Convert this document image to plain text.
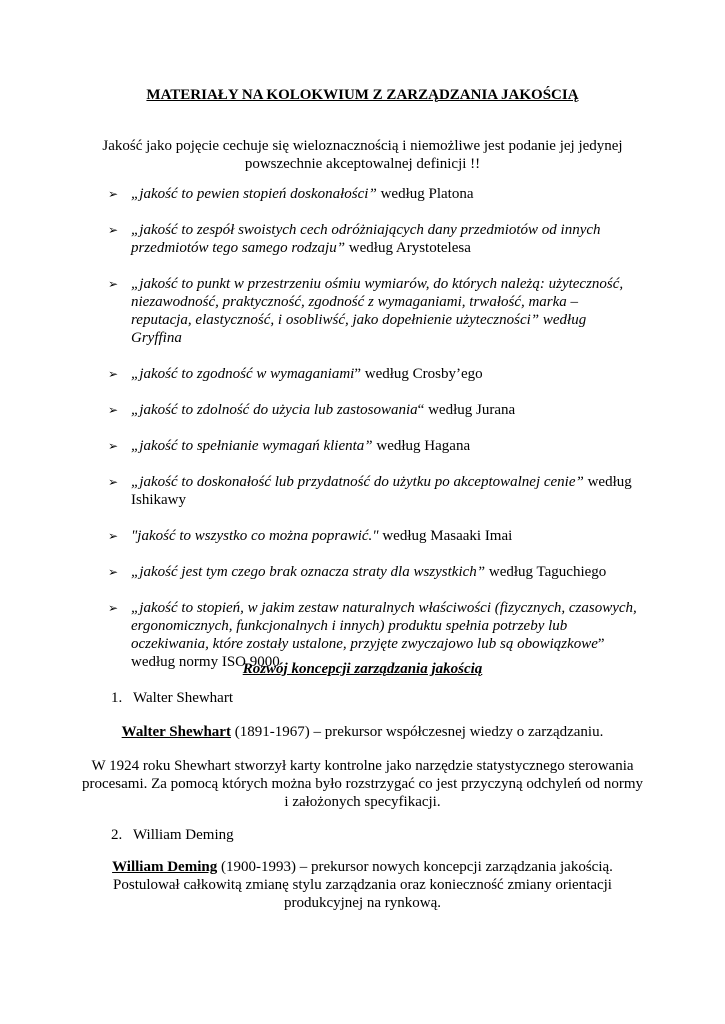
MATERIAŁY NA KOLOKWIUM Z ZARZĄDZANIA JAKOŚCIĄ
Jakość jako pojęcie cechuje się wieloznacznością i niemożliwe jest podanie jej jedynej powszechnie akceptowalnej definicji !!
➢ „jakość to pewien stopień doskonałości” według Platona
➢ „jakość to zespół swoistych cech odróżniających dany przedmiotów od innych przedmiotów tego samego rodzaju” według Arystotelesa
➢ „jakość to punkt w przestrzeniu ośmiu wymiarów, do których należą: użyteczność, niezawodność, praktyczność, zgodność z wymaganiami, trwałość, marka – reputacja, elastyczność, i osobliwść, jako dopełnienie użyteczności” według Gryffina
➢ „jakość to zgodność w wymaganiami” według Crosby’ego
➢ „jakość to zdolność do użycia lub zastosowania“ według Jurana
➢ „jakość to spełnianie wymagań klienta” według Hagana
➢ „jakość to doskonałość lub przydatność do użytku po akceptowalnej cenie” według Ishikawy
➢ "jakość to wszystko co można poprawić." według Masaaki Imai
➢ „jakość jest tym czego brak oznacza straty dla wszystkich” według Taguchiego
➢ „jakość to stopień, w jakim zestaw naturalnych właściwości (fizycznych, czasowych, ergonomicznych, funkcjonalnych i innych) produktu spełnia potrzeby lub oczekiwania, które zostały ustalone, przyjęte zwyczajowo lub są obowiązkowe” według normy ISO 9000
Rozwój koncepcji zarządzania jakością
1. Walter Shewhart
Walter Shewhart (1891-1967) – prekursor współczesnej wiedzy o zarządzaniu.
W 1924 roku Shewhart stworzył karty kontrolne jako narzędzie statystycznego sterowania procesami. Za pomocą których można było rozstrzygać co jest przyczyną odchyleń od normy i założonych specyfikacji.
2. William Deming
William Deming (1900-1993) – prekursor nowych koncepcji zarządzania jakością. Postulował całkowitą zmianę stylu zarządzania oraz konieczność zmiany orientacji produkcyjnej na rynkową.
